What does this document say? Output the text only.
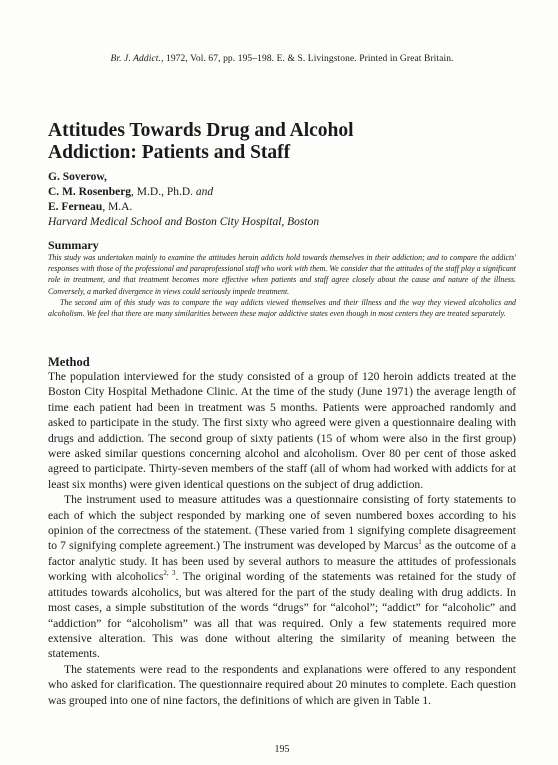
Br. J. Addict., 1972, Vol. 67, pp. 195–198. E. & S. Livingstone. Printed in Great Britain.
Attitudes Towards Drug and Alcohol
Addiction: Patients and Staff
G. Soverow,
C. M. Rosenberg, M.D., Ph.D. and
E. Ferneau, M.A.
Harvard Medical School and Boston City Hospital, Boston
Summary

This study was undertaken mainly to examine the attitudes heroin addicts hold towards themselves in their addiction; and to compare the addicts' responses with those of the professional and paraprofessional staff who work with them. We consider that the attitudes of the staff play a significant role in treatment, and that treatment becomes more effective when patients and staff agree closely about the cause and nature of the illness. Conversely, a marked divergence in views could seriously impede treatment.

The second aim of this study was to compare the way addicts viewed themselves and their illness and the way they viewed alcoholics and alcoholism. We feel that there are many similarities between these major addictive states even though in most centers they are treated separately.

Method

The population interviewed for the study consisted of a group of 120 heroin addicts treated at the Boston City Hospital Methadone Clinic. At the time of the study (June 1971) the average length of time each patient had been in treatment was 5 months. Patients were approached randomly and asked to participate in the study. The first sixty who agreed were given a questionnaire dealing with drugs and addiction. The second group of sixty patients (15 of whom were also in the first group) were asked similar questions concerning alcohol and alcoholism. Over 80 per cent of those asked agreed to participate. Thirty-seven members of the staff (all of whom had worked with addicts for at least six months) were given identical questions on the subject of drug addiction.

The instrument used to measure attitudes was a questionnaire consisting of forty statements to each of which the subject responded by marking one of seven numbered boxes according to his opinion of the correctness of the statement. (These varied from 1 signifying complete disagreement to 7 signifying complete agreement.) The instrument was developed by Marcus$^1$ as the outcome of a factor analytic study. It has been used by several authors to measure the attitudes of professionals working with alcoholics$^{2, 3}$. The original wording of the statements was retained for the study of attitudes towards alcoholics, but was altered for the part of the study dealing with drug addicts. In most cases, a simple substitution of the words “drugs” for “alcohol”; “addict” for “alcoholic” and “addiction” for “alcoholism” was all that was required. Only a few statements required more extensive alteration. This was done without altering the similarity of meaning between the statements.

The statements were read to the respondents and explanations were offered to any respondent who asked for clarification. The questionnaire required about 20 minutes to complete. Each question was grouped into one of nine factors, the definitions of which are given in Table 1.

195
